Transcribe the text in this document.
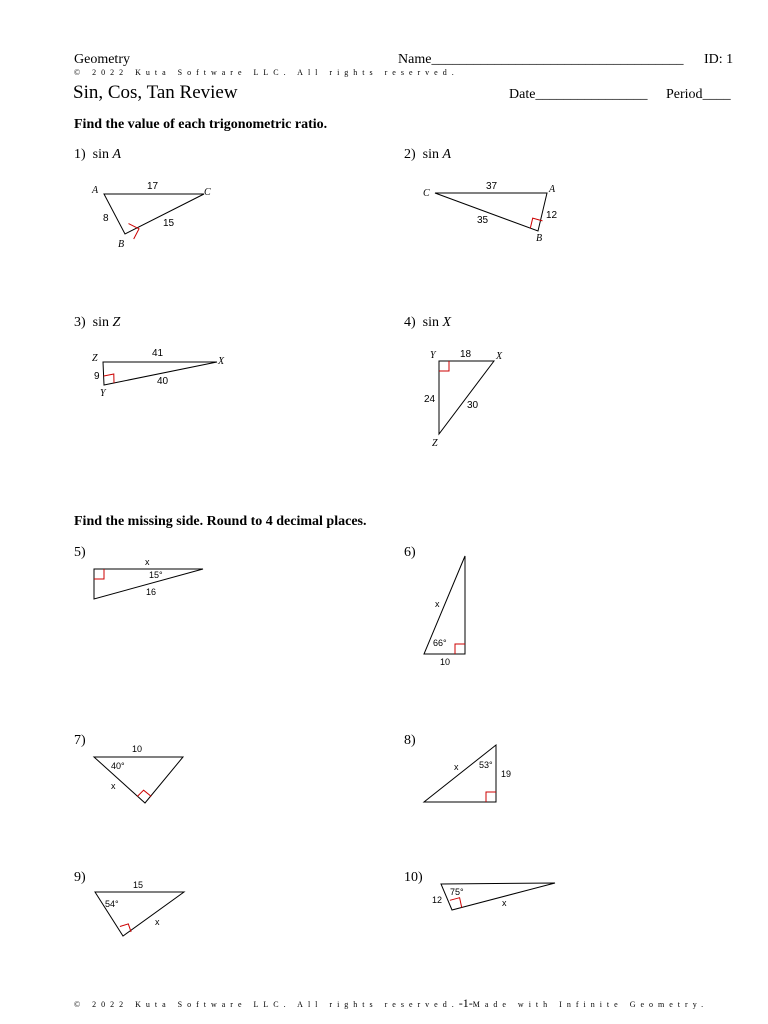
Geometry	Name____________________________________ ID: 1
© 2022 Kuta Software LLC. All rights reserved.
Sin, Cos, Tan Review	Date________________ Period____
Find the value of each trigonometric ratio.
1) sin A	2) sin A
3) sin Z	4) sin X
A	C
B
17
8	15
C	A
B
37
12
35
Z	X
Y
41
9	40
Y	X
Z
18
24
30
Find the missing side. Round to 4 decimal places.
5)	6)
7)	8)
9)	10)
x
15°
16
x
66°
10
10
40°
x
x 53°
19
15
54°
x
12
75°
x
© 2022 Kuta Software LLC. All rights reserved.-1-Made with Infinite Geometry.
